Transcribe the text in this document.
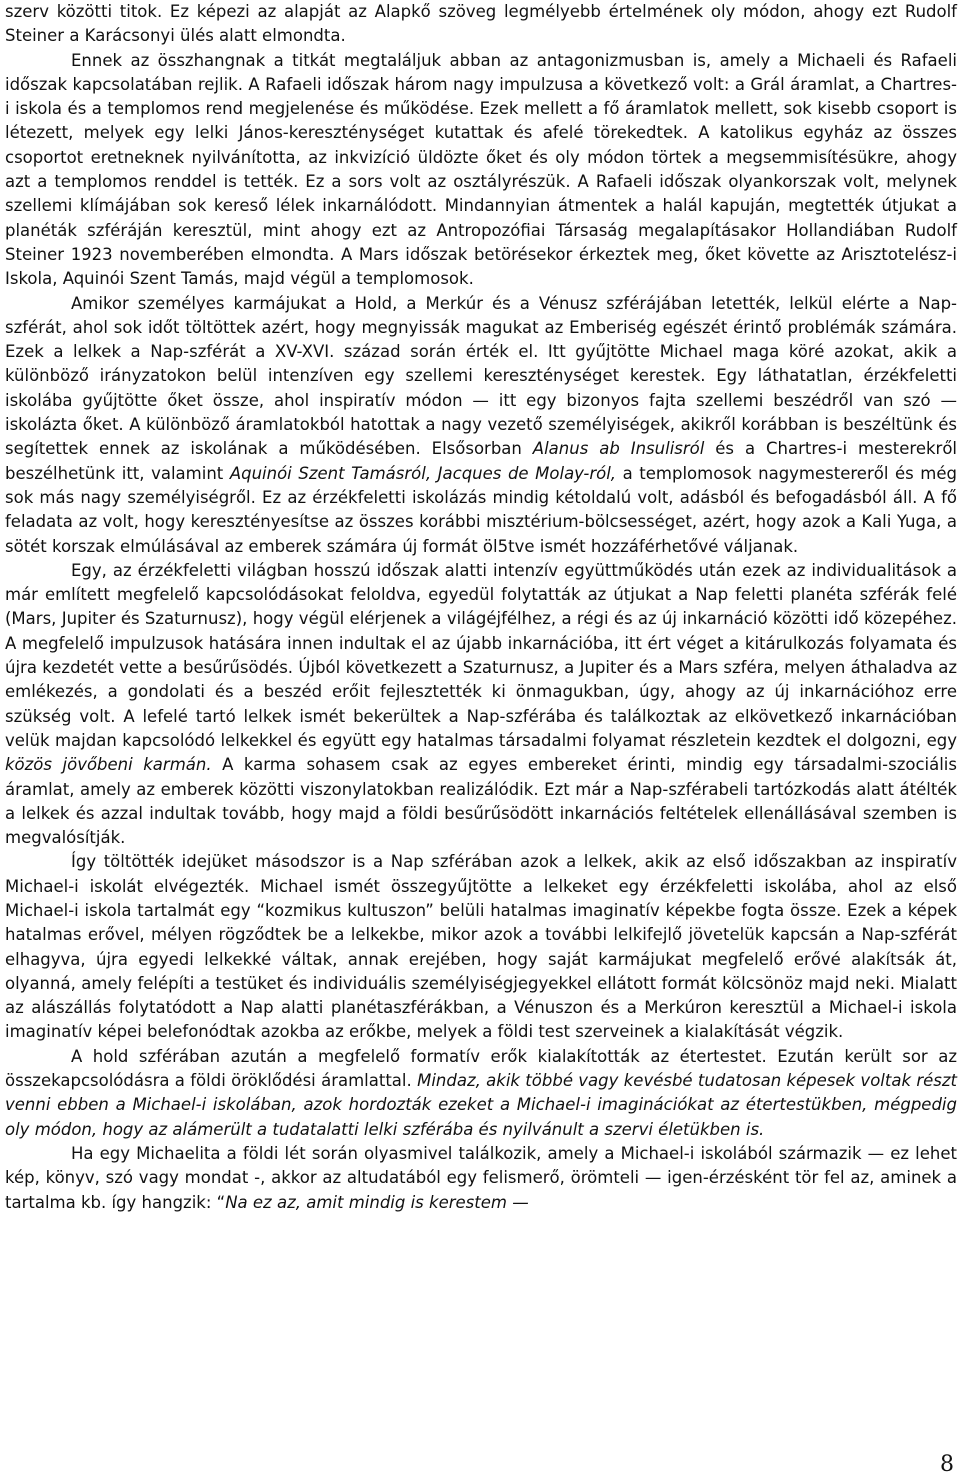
szerv közötti titok. Ez képezi az alapját az Alapkő szöveg legmélyebb értelmének oly módon, ahogy ezt Rudolf Steiner a Karácsonyi ülés alatt elmondta.

Ennek az összhangnak a titkát megtaláljuk abban az antagonizmusban is, amely a Michaeli és Rafaeli időszak kapcsolatában rejlik. A Rafaeli időszak három nagy impulzusa a következő volt: a Grál áramlat, a Chartres-i iskola és a templomos rend megjelenése és működése. Ezek mellett a fő áramlatok mellett, sok kisebb csoport is létezett, melyek egy lelki János-kereszténységet kutattak és afelé törekedtek. A katolikus egyház az összes csoportot eretneknek nyilvánította, az inkvizíció üldözte őket és oly módon törtek a megsemmisítésükre, ahogy azt a templomos renddel is tették. Ez a sors volt az osztályrészük. A Rafaeli időszak olyankorszak volt, melynek szellemi klímájában sok kereső lélek inkarnálódott. Mindannyian átmentek a halál kapuján, megtették útjukat a planéták szféráján keresztül, mint ahogy ezt az Antropozófiai Társaság megalapításakor Hollandiában Rudolf Steiner 1923 novemberében elmondta. A Mars időszak betörésekor érkeztek meg, őket követte az Arisztotelész-i Iskola, Aquinói Szent Tamás, majd végül a templomosok.

Amikor személyes karmájukat a Hold, a Merkúr és a Vénusz szférájában letették, lelkül elérte a Nap-szférát, ahol sok időt töltöttek azért, hogy megnyissák magukat az Emberiség egészét érintő problémák számára. Ezek a lelkek a Nap-szférát a XV-XVI. század során érték el. Itt gyűjtötte Michael maga köré azokat, akik a különböző irányzatokon belül intenzíven egy szellemi kereszténységet kerestek. Egy láthatatlan, érzékfeletti iskolába gyűjtötte őket össze, ahol inspiratív módon — itt egy bizonyos fajta szellemi beszédről van szó — iskolázta őket. A különböző áramlatokból hatottak a nagy vezető személyiségek, akikről korábban is beszéltünk és segítettek ennek az iskolának a működésében. Elsősorban Alanus ab Insulisról és a Chartres-i mesterekről beszélhetünk itt, valamint Aquinói Szent Tamásról, Jacques de Molay-ról, a templomosok nagymestereről és még sok más nagy személyiségről. Ez az érzékfeletti iskolázás mindig kétoldalú volt, adásból és befogadásból áll. A fő feladata az volt, hogy keresztényesítse az összes korábbi misztérium-bölcsességet, azért, hogy azok a Kali Yuga, a sötét korszak elmúlásával az emberek számára új formát öl5tve ismét hozzáférhetővé váljanak.

Egy, az érzékfeletti világban hosszú időszak alatti intenzív együttműködés után ezek az individualitások a már említett megfelelő kapcsolódásokat feloldva, egyedül folytatták az útjukat a Nap feletti planéta szférák felé (Mars, Jupiter és Szaturnusz), hogy végül elérjenek a világéjfélhez, a régi és az új inkarnáció közötti idő közepéhez. A megfelelő impulzusok hatására innen indultak el az újabb inkarnációba, itt ért véget a kitárulkozás folyamata és újra kezdetét vette a besűrűsödés. Újból következett a Szaturnusz, a Jupiter és a Mars szféra, melyen áthaladva az emlékezés, a gondolati és a beszéd erőit fejlesztették ki önmagukban, úgy, ahogy az új inkarnációhoz erre szükség volt. A lefelé tartó lelkek ismét bekerültek a Nap-szférába és találkoztak az elkövetkező inkarnációban velük majdan kapcsolódó lelkekkel és együtt egy hatalmas társadalmi folyamat részletein kezdtek el dolgozni, egy közös jövőbeni karmán. A karma sohasem csak az egyes embereket érinti, mindig egy társadalmi-szociális áramlat, amely az emberek közötti viszonylatokban realizálódik. Ezt már a Nap-szférabeli tartózkodás alatt átélték a lelkek és azzal indultak tovább, hogy majd a földi besűrűsödött inkarnációs feltételek ellenállásával szemben is megvalósítják.

Így töltötték idejüket másodszor is a Nap szférában azok a lelkek, akik az első időszakban az inspiratív Michael-i iskolát elvégezték. Michael ismét összegyűjtötte a lelkeket egy érzékfeletti iskolába, ahol az első Michael-i iskola tartalmát egy “kozmikus kultuszon” belüli hatalmas imaginatív képekbe fogta össze. Ezek a képek hatalmas erővel, mélyen rögződtek be a lelkekbe, mikor azok a további lelkifejlő jövetelük kapcsán a Nap-szférát elhagyva, újra egyedi lelkekké váltak, annak erejében, hogy saját karmájukat megfelelő erővé alakítsák át, olyanná, amely felépíti a testüket és individuális személyiségjegyekkel ellátott formát kölcsönöz majd neki. Mialatt az alászállás folytatódott a Nap alatti planétaszférákban, a Vénuszon és a Merkúron keresztül a Michael-i iskola imaginatív képei belefonódtak azokba az erőkbe, melyek a földi test szerveinek a kialakítását végzik.

A hold szférában azután a megfelelő formatív erők kialakították az étertestet. Ezután került sor az összekapcsolódásra a földi öröklődési áramlattal. Mindaz, akik többé vagy kevésbé tudatosan képesek voltak részt venni ebben a Michael-i iskolában, azok hordozták ezeket a Michael-i imaginációkat az étertestükben, mégpedig oly módon, hogy az alámerült a tudatalatti lelki szférába és nyilvánult a szervi életükben is.

Ha egy Michaelita a földi lét során olyasmivel találkozik, amely a Michael-i iskolából származik — ez lehet kép, könyv, szó vagy mondat -, akkor az altudatából egy felismerő, örömteli — igen-érzésként tör fel az, aminek a tartalma kb. így hangzik: “Na ez az, amit mindig is kerestem —

8
